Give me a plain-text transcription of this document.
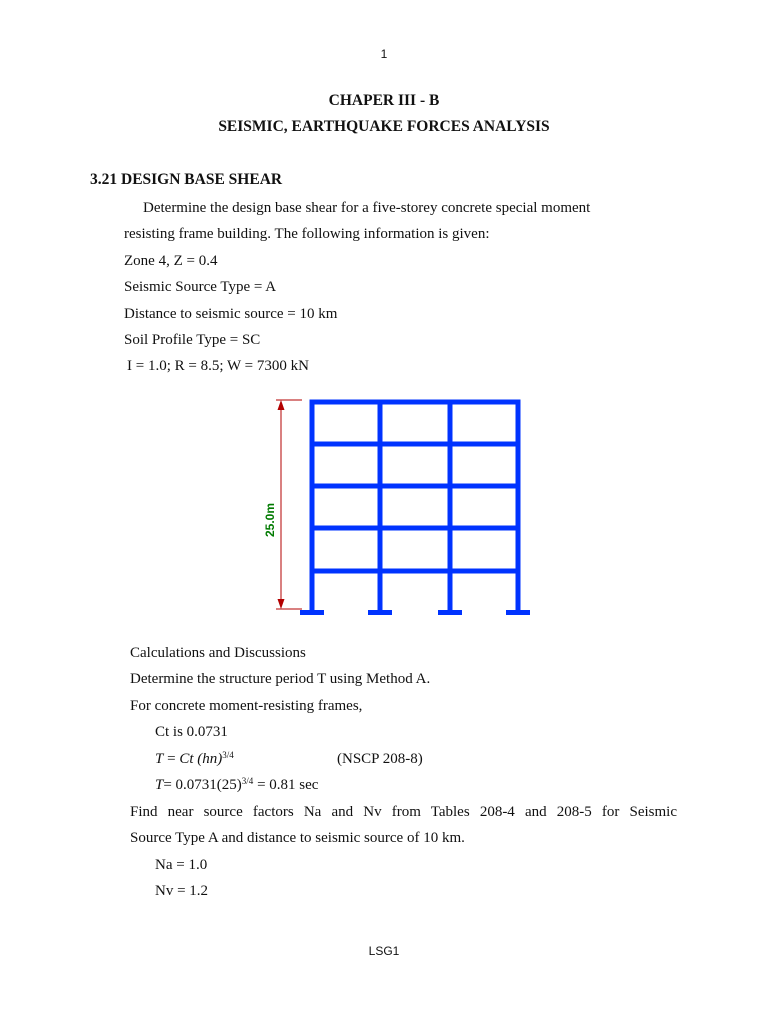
1
CHAPER III - B
SEISMIC, EARTHQUAKE FORCES ANALYSIS
3.21 DESIGN BASE SHEAR
Determine the design base shear for a five-storey concrete special moment
resisting frame building. The following information is given:
Zone 4, Z = 0.4
Seismic Source Type = A
Distance to seismic source = 10 km
Soil Profile Type = SC
I = 1.0; R = 8.5; W = 7300 kN
25.0m
Calculations and Discussions
Determine the structure period T using Method A.
For concrete moment-resisting frames,
Ct is 0.0731
T = Ct (hn)$^{3/4}$	(NSCP 208-8)
$T= 0.0731(25)^{3/4} = 0.81$ sec
Find near source factors Na and Nv from Tables 208-4 and 208-5 for Seismic
Source Type A and distance to seismic source of 10 km.
Na = 1.0
Nv = 1.2
LSG1
